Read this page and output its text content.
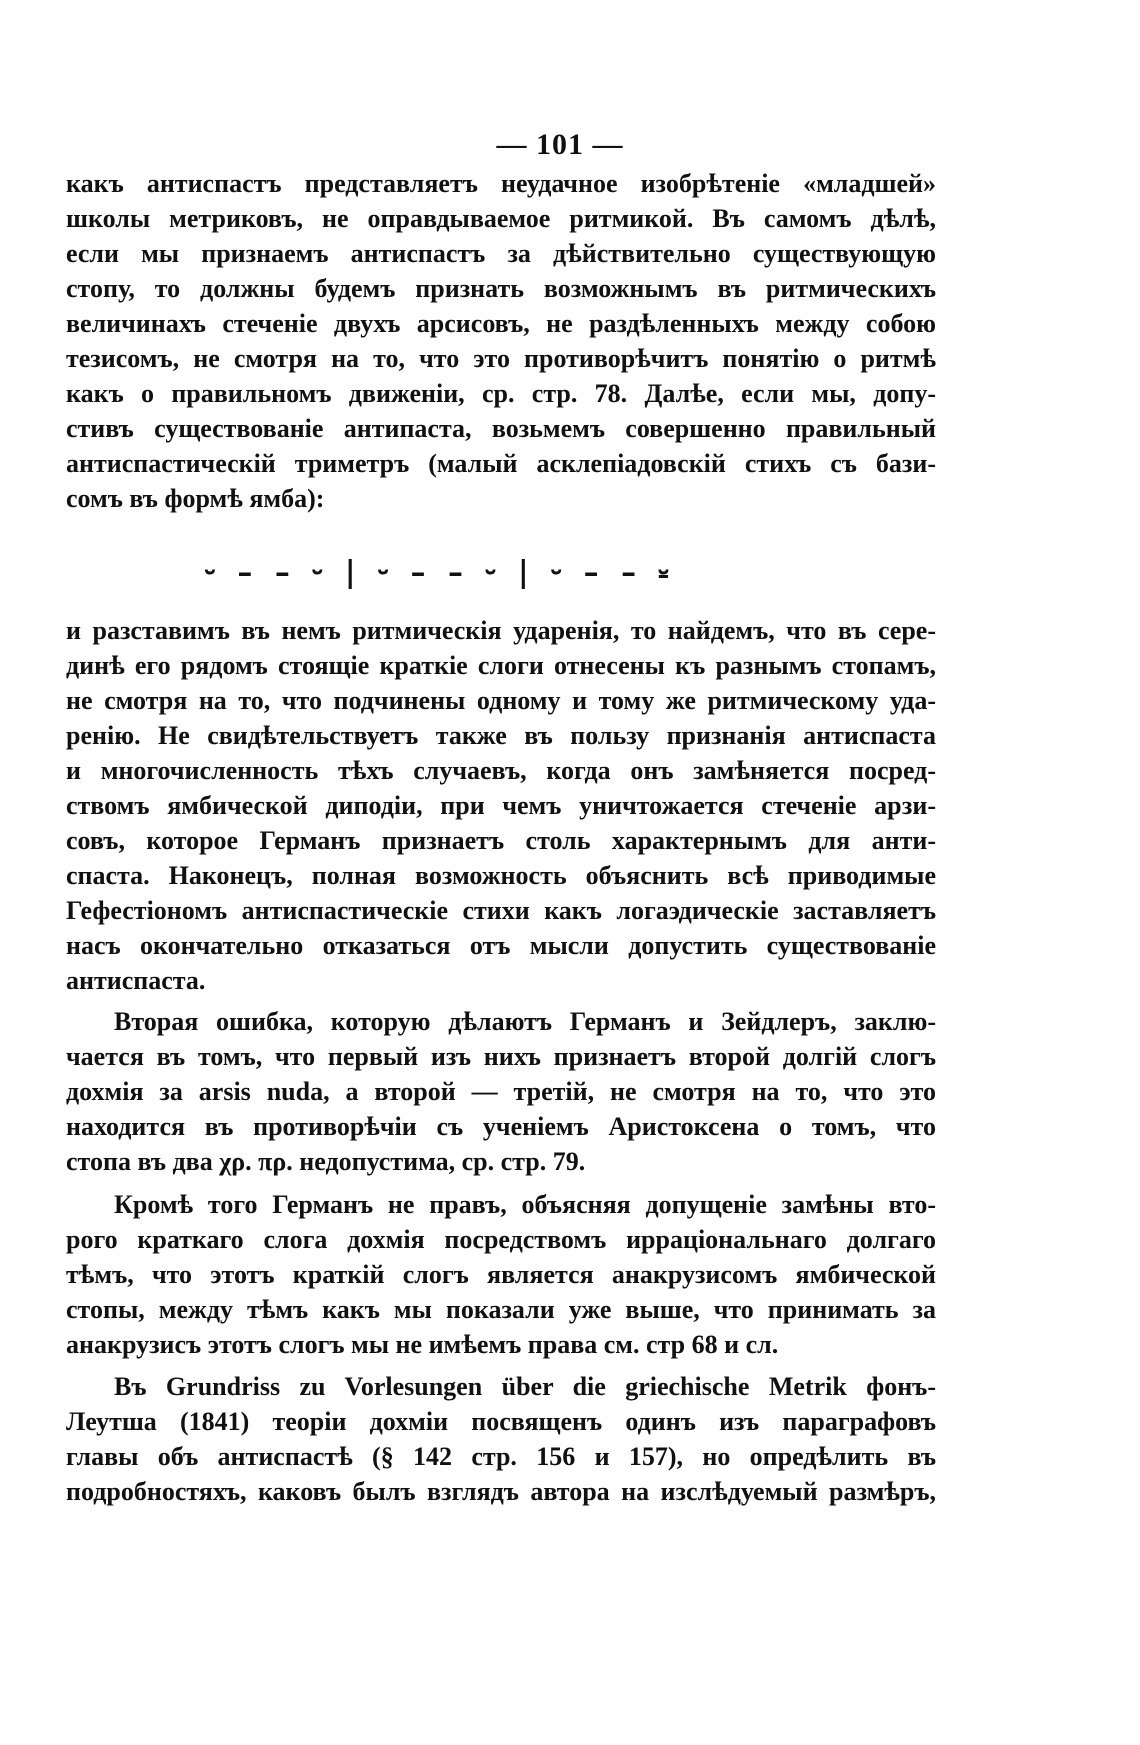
— 101 —
какъ антиспастъ представляетъ неудачное изобрѣтеніе «младшей»
школы метриковъ, не оправдываемое ритмикой. Въ самомъ дѣлѣ,
если мы признаемъ антиспастъ за дѣйствительно существующую
стопу, то должны будемъ признать возможнымъ въ ритмическихъ
величинахъ стеченіе двухъ арсисовъ, не раздѣленныхъ между собою
тезисомъ, не смотря на то, что это противорѣчитъ понятію о ритмѣ
какъ о правильномъ движеніи, ср. стр. 78. Далѣе, если мы, допу-
стивъ существованіе антипаста, возьмемъ совершенно правильный
антиспастическій триметръ (малый асклепіадовскій стихъ съ бази-
сомъ въ формѣ ямба):
⏑ – – ⏑ | ⏑ – – ⏑ | ⏑ – – ⏓
и разставимъ въ немъ ритмическія ударенія, то найдемъ, что въ сере-
динѣ его рядомъ стоящіе краткіе слоги отнесены къ разнымъ стопамъ,
не смотря на то, что подчинены одному и тому же ритмическому уда-
ренію. Не свидѣтельствуетъ также въ пользу признанія антиспаста
и многочисленность тѣхъ случаевъ, когда онъ замѣняется посред-
ствомъ ямбической диподіи, при чемъ уничтожается стеченіе арзи-
совъ, которое Германъ признаетъ столь характернымъ для анти-
спаста. Наконецъ, полная возможность объяснить всѣ приводимые
Гефестіономъ антиспастическіе стихи какъ логаэдическіе заставляетъ
насъ окончательно отказаться отъ мысли допустить существованіе
антиспаста.
Вторая ошибка, которую дѣлаютъ Германъ и Зейдлеръ, заклю-
чается въ томъ, что первый изъ нихъ признаетъ второй долгій слогъ
дохмія за arsis nuda, а второй — третій, не смотря на то, что это
находится въ противорѣчіи съ ученіемъ Аристоксена о томъ, что
стопа въ два χρ. πρ. недопустима, ср. стр. 79.
Кромѣ того Германъ не правъ, объясняя допущеніе замѣны вто-
рого краткаго слога дохмія посредствомъ ирраціональнаго долгаго
тѣмъ, что этотъ краткій слогъ является анакрузисомъ ямбической
стопы, между тѣмъ какъ мы показали уже выше, что принимать за
анакрузисъ этотъ слогъ мы не имѣемъ права см. стр 68 и сл.
Въ Grundriss zu Vorlesungen über die griechische Metrik фонъ-
Леутша (1841) теоріи дохміи посвященъ одинъ изъ параграфовъ
главы объ антиспастѣ (§ 142 стр. 156 и 157), но опредѣлить въ
подробностяхъ, каковъ былъ взглядъ автора на изслѣдуемый размѣръ,
